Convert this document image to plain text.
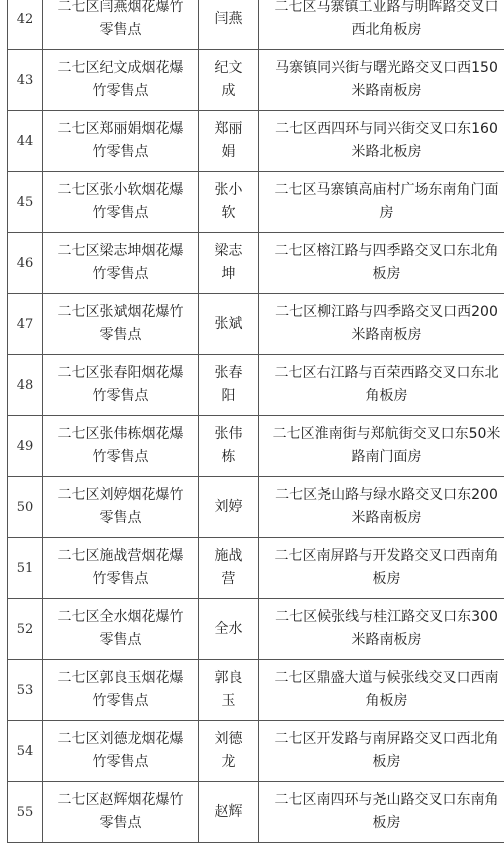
42	二七区闫燕烟花爆竹零售点	闫燕	二七区马寨镇工业路与明晖路交叉口西北角板房
43	二七区纪文成烟花爆竹零售点	纪文成	马寨镇同兴街与曙光路交叉口西150米路南板房
44	二七区郑丽娟烟花爆竹零售点	郑丽娟	二七区西四环与同兴街交叉口东160米路北板房
45	二七区张小软烟花爆竹零售点	张小软	二七区马寨镇高庙村广场东南角门面房
46	二七区梁志坤烟花爆竹零售点	梁志坤	二七区榕江路与四季路交叉口东北角板房
47	二七区张斌烟花爆竹零售点	张斌	二七区柳江路与四季路交叉口西200米路南板房
48	二七区张春阳烟花爆竹零售点	张春阳	二七区右江路与百荣西路交叉口东北角板房
49	二七区张伟栋烟花爆竹零售点	张伟栋	二七区淮南街与郑航街交叉口东50米路南门面房
50	二七区刘婷烟花爆竹零售点	刘婷	二七区尧山路与绿水路交叉口东200米路南板房
51	二七区施战营烟花爆竹零售点	施战营	二七区南屏路与开发路交叉口西南角板房
52	二七区全水烟花爆竹零售点	全水	二七区候张线与桂江路交叉口东300米路南板房
53	二七区郭良玉烟花爆竹零售点	郭良玉	二七区鼎盛大道与候张线交叉口西南角板房
54	二七区刘德龙烟花爆竹零售点	刘德龙	二七区开发路与南屏路交叉口西北角板房
55	二七区赵辉烟花爆竹零售点	赵辉	二七区南四环与尧山路交叉口东南角板房
